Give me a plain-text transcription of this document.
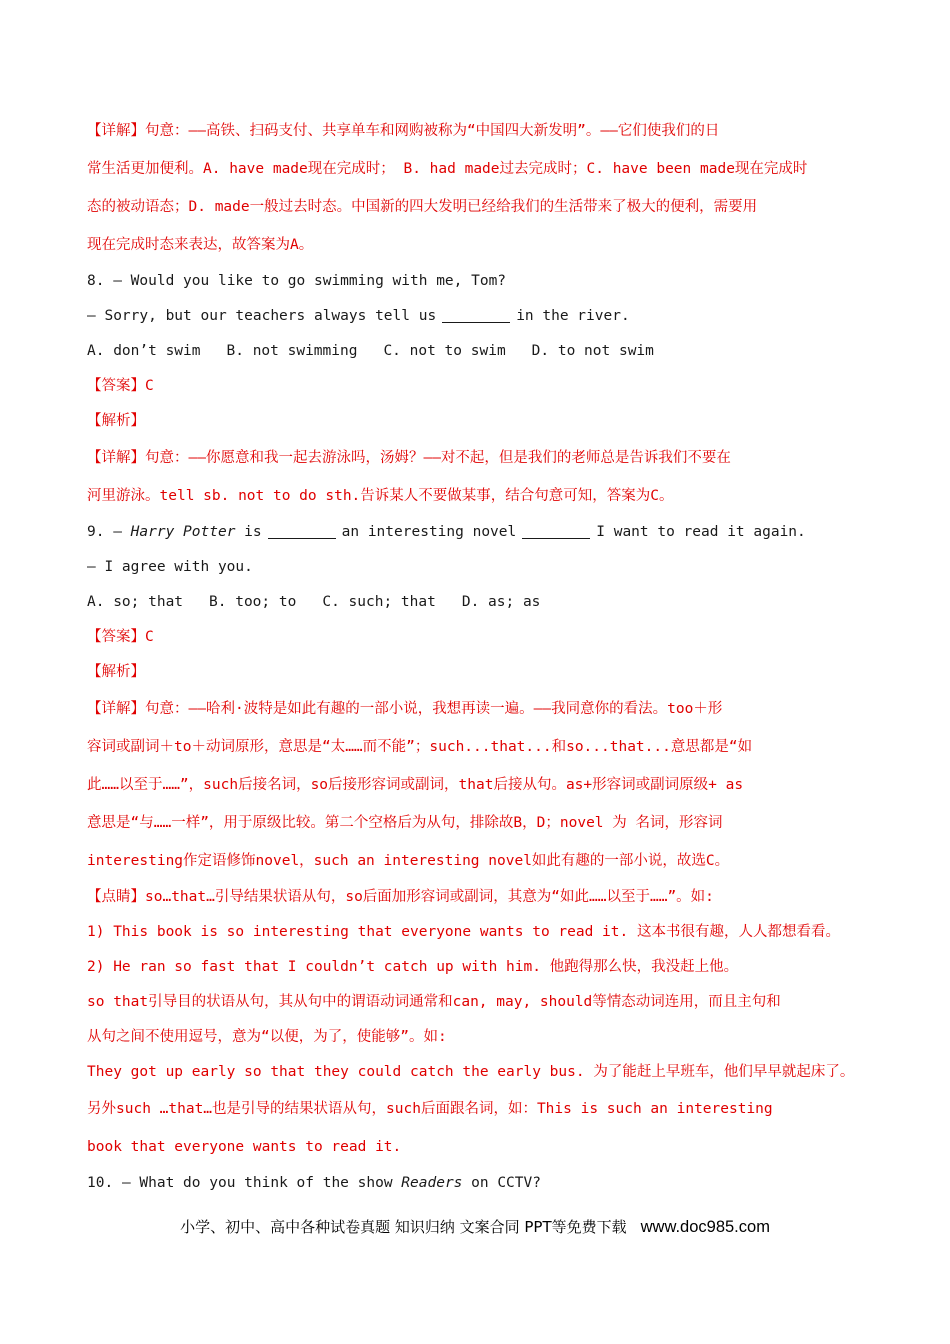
【详解】句意：——高铁、扫码支付、共享单车和网购被称为“中国四大新发明”。——它们使我们的日
常生活更加便利。A. have made现在完成时； B. had made过去完成时；C. have been made现在完成时
态的被动语态；D. made一般过去时态。中国新的四大发明已经给我们的生活带来了极大的便利，需要用
现在完成时态来表达，故答案为A。
8. — Would you like to go swimming with me, Tom?
— Sorry, but our teachers always tell us	in the river.
A. don’t swim B. not swimming C. not to swim D. to not swim
【答案】C
【解析】
【详解】句意：——你愿意和我一起去游泳吗，汤姆？——对不起，但是我们的老师总是告诉我们不要在
河里游泳。tell sb. not to do sth.告诉某人不要做某事，结合句意可知，答案为C。
9. — Harry Potter is	an interesting novel	I want to read it again.
— I agree with you.
A. so; that B. too; to C. such; that D. as; as
【答案】C
【解析】
【详解】句意：——哈利·波特是如此有趣的一部小说，我想再读一遍。——我同意你的看法。too＋形
容词或副词＋to＋动词原形，意思是“太……而不能”；such...that...和so...that...意思都是“如
此……以至于……”，such后接名词，so后接形容词或副词，that后接从句。as+形容词或副词原级+ as
意思是“与……一样”，用于原级比较。第二个空格后为从句，排除故B，D；novel 为 名词，形容词
interesting作定语修饰novel，such an interesting novel如此有趣的一部小说，故选C。
【点睛】so…that…引导结果状语从句，so后面加形容词或副词，其意为“如此……以至于……”。如:
1) This book is so interesting that everyone wants to read it. 这本书很有趣，人人都想看看。
2) He ran so fast that I couldn’t catch up with him. 他跑得那么快，我没赶上他。
so that引导目的状语从句，其从句中的谓语动词通常和can, may, should等情态动词连用，而且主句和
从句之间不使用逗号，意为“以便，为了，使能够”。如:
They got up early so that they could catch the early bus. 为了能赶上早班车，他们早早就起床了。
另外such …that…也是引导的结果状语从句，such后面跟名词，如：This is such an interesting
book that everyone wants to read it.
10. — What do you think of the show Readers on CCTV?
小学、初中、高中各种试卷真题 知识归纳 文案合同 PPT等免费下载 www.doc985.com
